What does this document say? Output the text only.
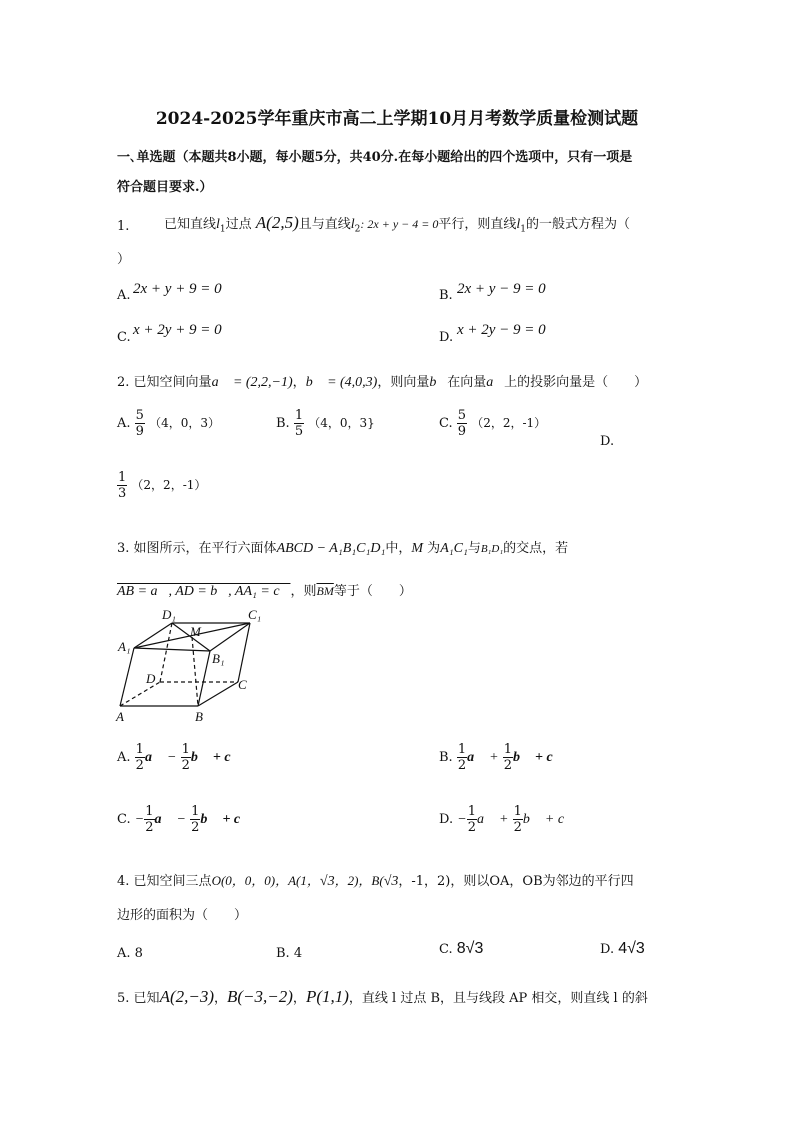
2024-2025学年重庆市高二上学期10月月考数学质量检测试题
一､单选题（本题共8小题，每小题5分，共40分.在每小题给出的四个选项中，只有一项是
符合题目要求.）
1.	已知直线$l_1$过点 A(2,5)且与直线$l_2$: 2x + y − 4 = 0平行，则直线$l_1$的一般式方程为（
）
A. 2x + y + 9 = 0	B. 2x + y − 9 = 0
C. x + 2y + 9 = 0	D. x + 2y − 9 = 0
2. 已知空间向量a⃗ = (2,2,−1)，b⃗ = (4,0,3)，则向量b⃗在向量a⃗上的投影向量是（　　）
A. $\frac{5}{9} (4$，0，3）	B. $\frac{1}{5} (4$，0，3}	C. $\frac{5}{9} (2$，2，-1）
D.
$\frac{1}{3} (2$，2，-1）
3. 如图所示，在平行六面体ABCD − A₁B₁C₁D₁中，M 为A₁C₁与B₁D₁的交点，若
AB = a⃗, AD = b⃗, AA₁ = c⃗，则$\overline{BM}$等于（　　）
D₁
M
C₁
A₁
B₁
D	C
A	B
A. $\frac{1}{2}$ a⃗ − $\frac{1}{2}$ b⃗ + c⃗	B. $\frac{1}{2}$ a⃗ + $\frac{1}{2}$ b⃗ + c⃗
C. − $\frac{1}{2}$ a⃗ − $\frac{1}{2}$ b⃗ + c⃗	D. − $\frac{1}{2}$ a⃗ + $\frac{1}{2}$ b⃗ + c⃗
4. 已知空间三点O(0，0，0)，A(1，√3，2)，B(√3，-1，2)，则以OA，OB为邻边的平行四
边形的面积为（　　）
A. 8	B. 4	C. 8√3	D. 4√3
5. 已知A(2,−3)，B(−3,−2)，P(1,1)，直线 l 过点 B，且与线段 AP 相交，则直线 l 的斜
